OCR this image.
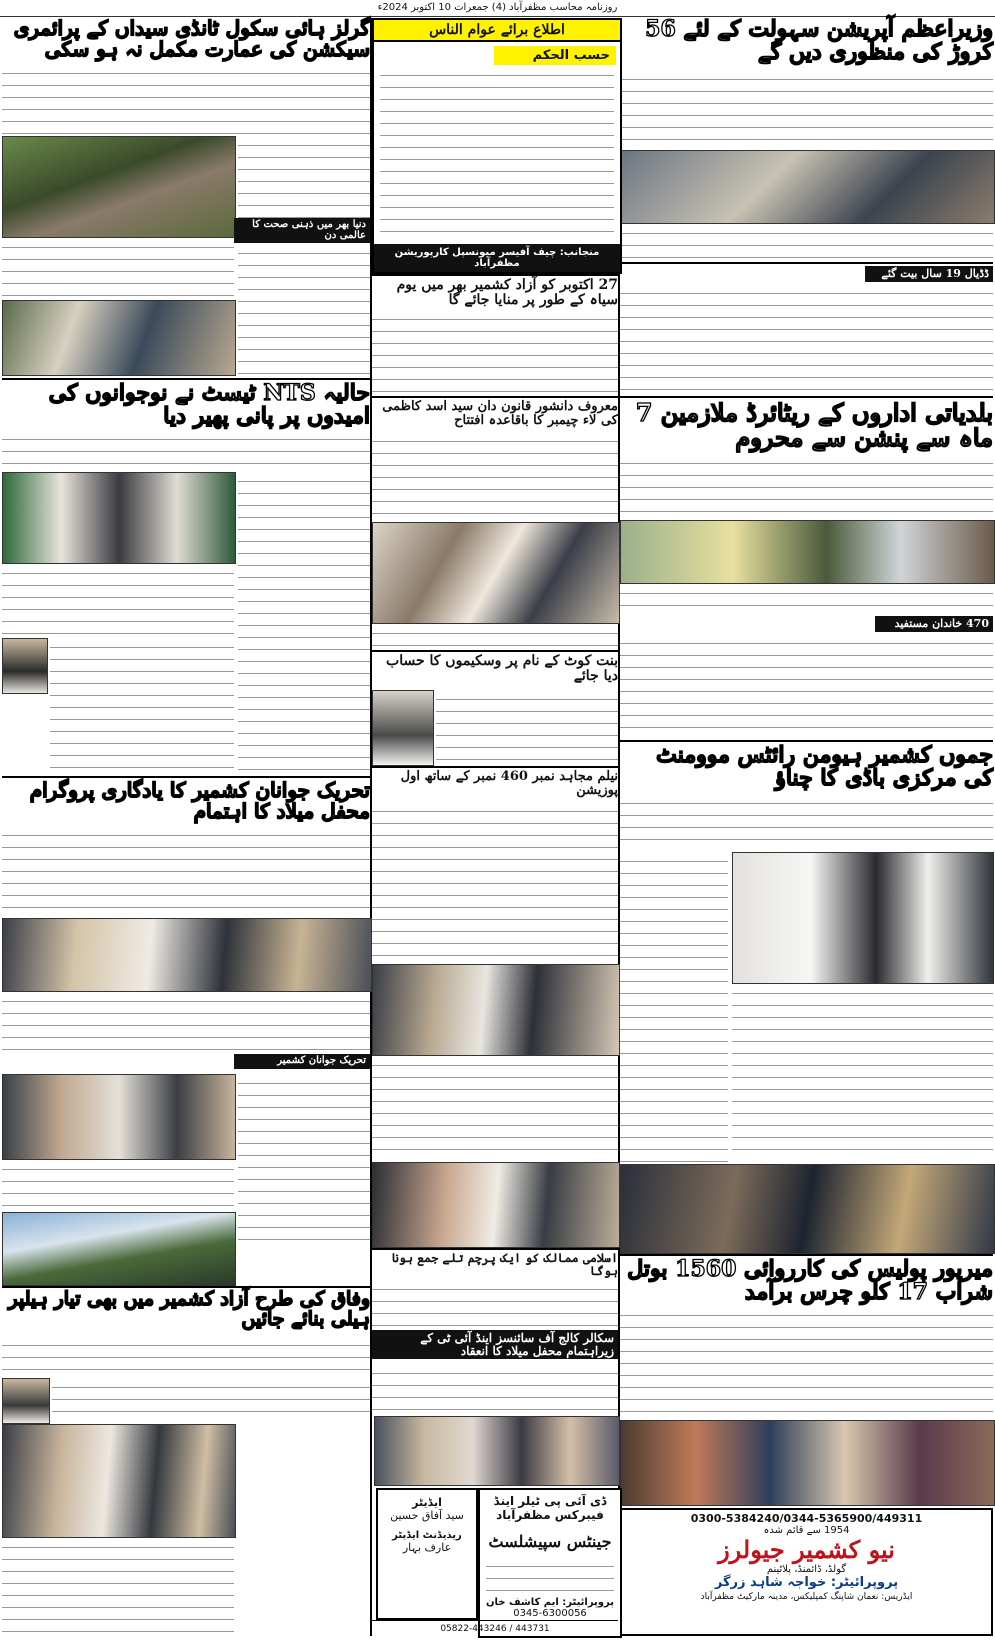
روزنامہ محاسب مظفرآباد (4) جمعرات 10 اکتوبر 2024ء
وزیراعظم آپریشن سہولت کے لئے 56 کروڑ کی منظوری دیں گے
ڈڈیال 19 سال بیت گئے
بلدیاتی اداروں کے ریٹائرڈ ملازمین 7 ماہ سے پنشن سے محروم
470 خاندان مستفید
جموں کشمیر ہیومن رائٹس موومنٹ کی مرکزی باڈی کا چناؤ
میرپور پولیس کی کارروائی 1560 بوتل شراب 17 کلو چرس برآمد
0300-5384240/0344-5365900/449311
1954 سے قائم شدہ
نیو کشمیر جیولرز
گولڈ، ڈائمنڈ، پلاٹینم
پروپرائیٹر: خواجہ شاہد زرگر
ایڈریس: نعمان شاپنگ کمپلیکس، مدینہ مارکیٹ مظفرآباد
اطلاع برائے عوام الناس
حسب الحکم
منجانب: چیف آفیسر میونسپل کارپوریشن مظفرآباد
27 اکتوبر کو آزاد کشمیر بھر میں یوم سیاہ کے طور پر منایا جائے گا
معروف دانشور قانون دان سید اسد کاظمی کی لاء چیمبر کا باقاعدہ افتتاح
بنت کوٹ کے نام پر وسکیموں کا حساب دیا جائے
نیلم مجاہد نمبر 460 نمبر کے ساتھ اول پوزیشن
اسلامی ممالک کو ایک پرچم تلے جمع ہونا ہوگا
سکالر کالج آف سائنسز اینڈ آئی ٹی کے زیراہتمام محفل میلاد کا انعقاد
ڈی آئی پی ٹیلر اینڈ فیبرکس مظفرآباد
جینٹس سپیشلسٹ
پروپرائیٹر: ایم کاشف خان
0345-6300056
گرلز ہائی سکول ٹانڈی سیداں کے پرائمری سیکشن کی عمارت مکمل نہ ہو سکی
دنیا بھر میں ذہنی صحت کا عالمی دن
حالیہ NTS ٹیسٹ نے نوجوانوں کی امیدوں پر پانی پھیر دیا
تحریک جوانان کشمیر کا یادگاری پروگرام محفل میلاد کا اہتمام
تحریک جوانان کشمیر
وفاق کی طرح آزاد کشمیر میں بھی تیار ہیلپر ہیلی بنائے جائیں
ایڈیٹر
سید آفاق حسین
ریذیڈنٹ ایڈیٹر
عارف بہار
05822-443246 / 443731
